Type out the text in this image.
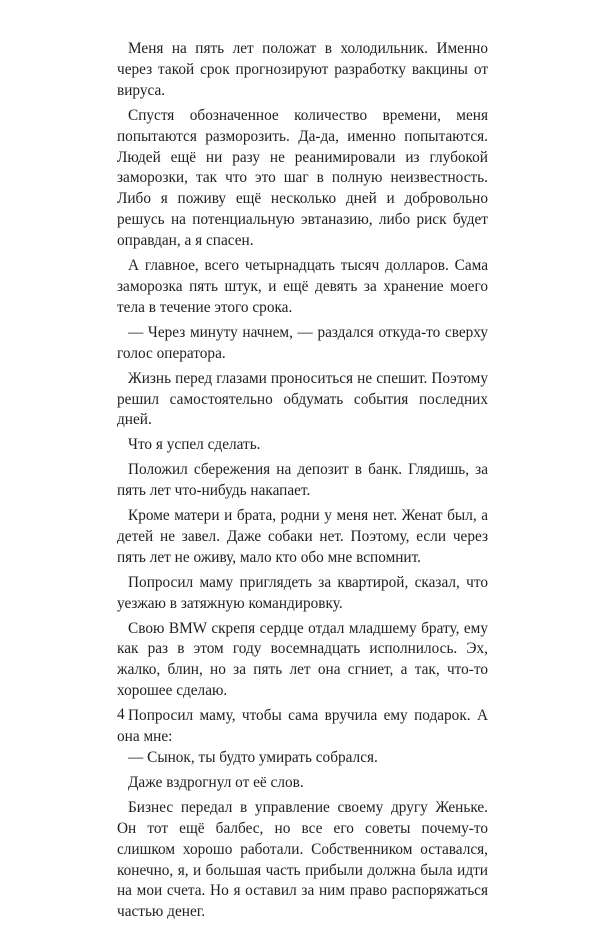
Меня на пять лет положат в холодильник. Именно через такой срок прогнозируют разработку вакцины от вируса.

Спустя обозначенное количество времени, меня попытаются разморозить. Да-да, именно попытаются. Людей ещё ни разу не реанимировали из глубокой заморозки, так что это шаг в полную неизвестность. Либо я поживу ещё несколько дней и добровольно решусь на потенциальную эвтаназию, либо риск будет оправдан, а я спасен.

А главное, всего четырнадцать тысяч долларов. Сама заморозка пять штук, и ещё девять за хранение моего тела в течение этого срока.

— Через минуту начнем, — раздался откуда-то сверху голос оператора.

Жизнь перед глазами проноситься не спешит. Поэтому решил самостоятельно обдумать события последних дней.

Что я успел сделать.

Положил сбережения на депозит в банк. Глядишь, за пять лет что-нибудь накапает.

Кроме матери и брата, родни у меня нет. Женат был, а детей не завел. Даже собаки нет. Поэтому, если через пять лет не оживу, мало кто обо мне вспомнит.

Попросил маму приглядеть за квартирой, сказал, что уезжаю в затяжную командировку.

Свою BMW скрепя сердце отдал младшему брату, ему как раз в этом году восемнадцать исполнилось. Эх, жалко, блин, но за пять лет она сгниет, а так, что-то хорошее сделаю.

Попросил маму, чтобы сама вручила ему подарок. А она мне:

— Сынок, ты будто умирать собрался.

Даже вздрогнул от её слов.

Бизнес передал в управление своему другу Женьке. Он тот ещё балбес, но все его советы почему-то слишком хорошо работали. Собственником оставался, конечно, я, и большая часть прибыли должна была идти на мои счета. Но я оставил за ним право распоряжаться частью денег.

4
